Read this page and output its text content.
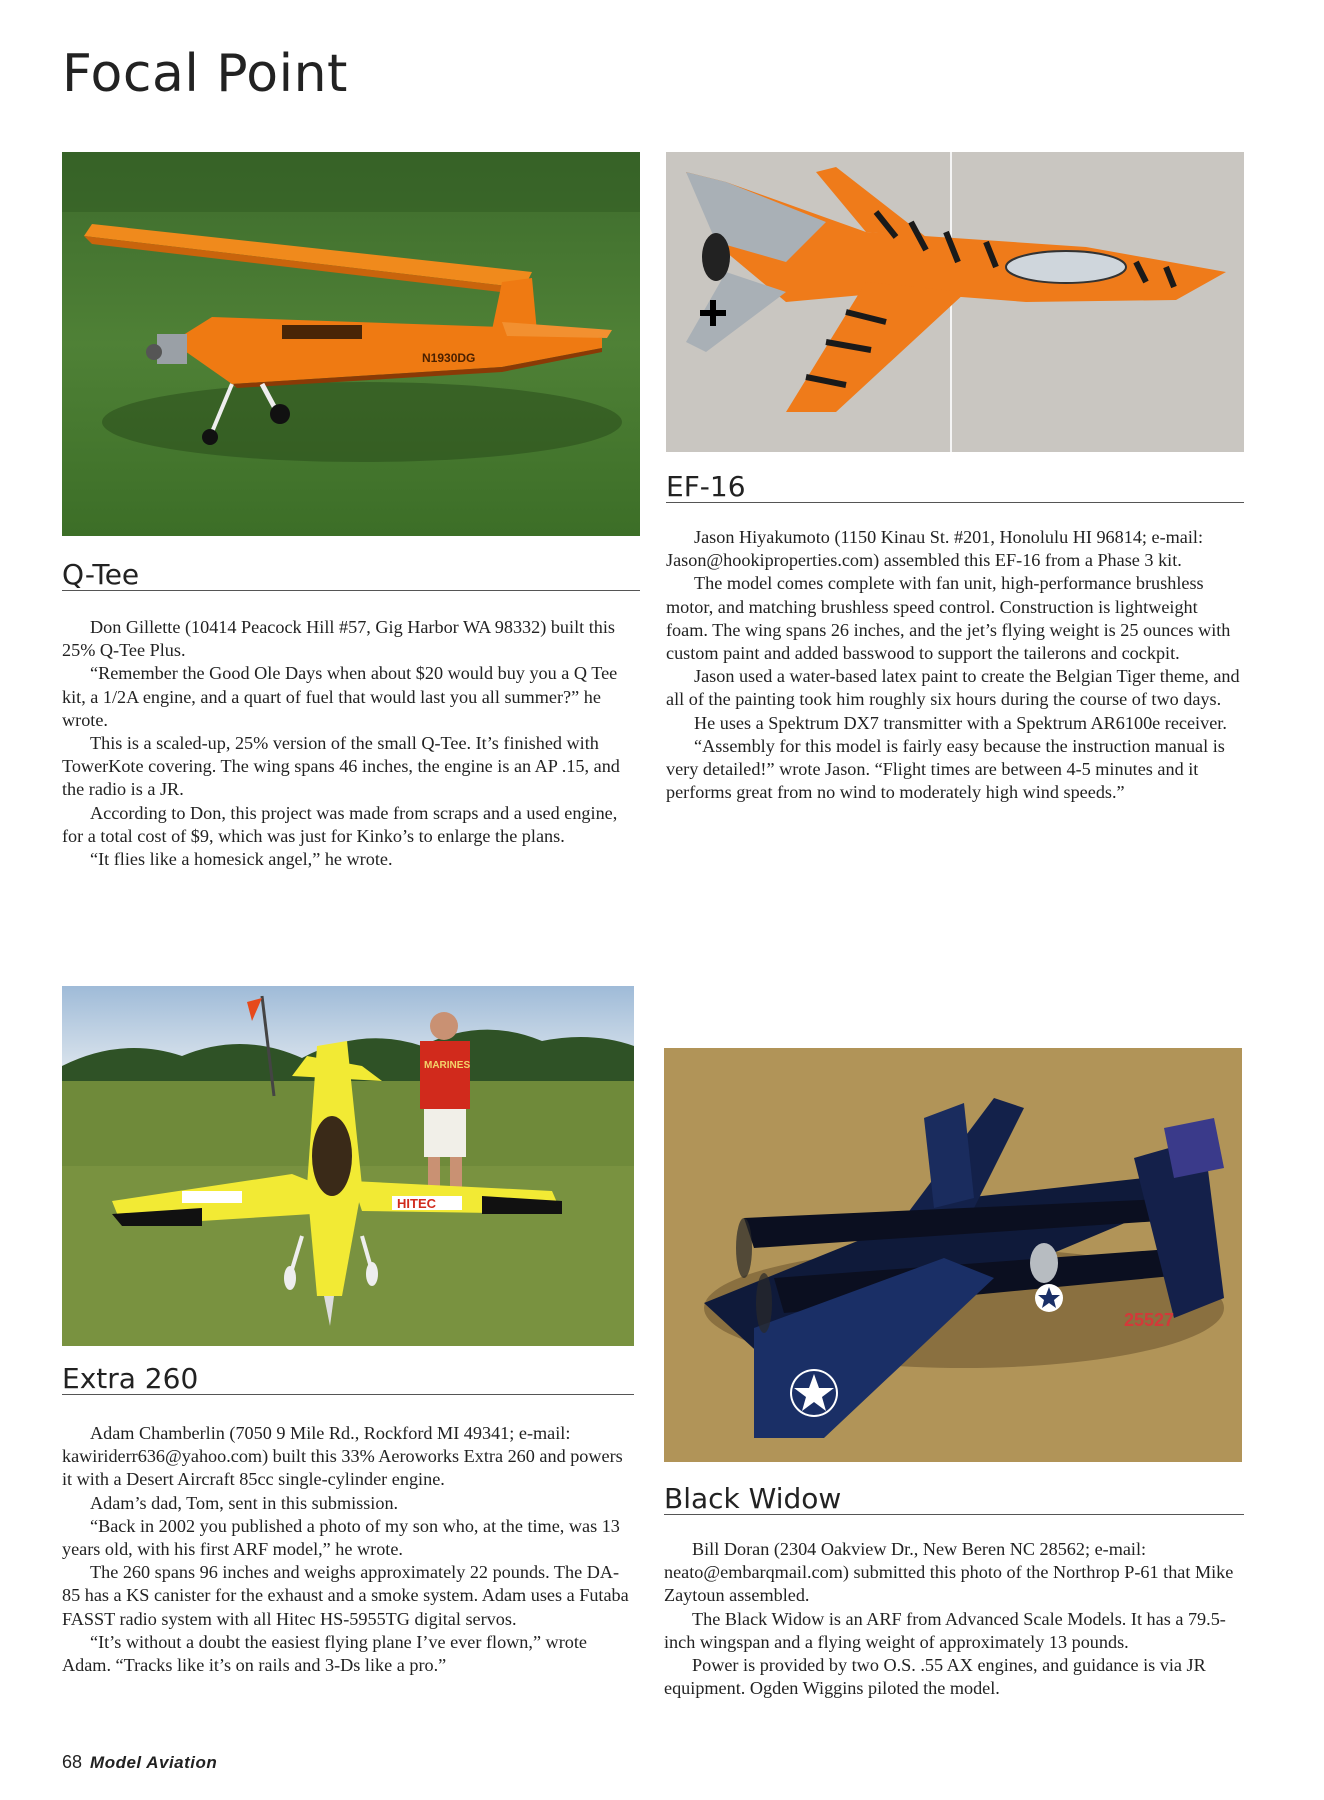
Focal Point
N1930DG
EF-16

Jason Hiyakumoto (1150 Kinau St. #201, Honolulu HI 96814; e-mail: Jason@hookiproperties.com) assembled this EF-16 from a Phase 3 kit.

The model comes complete with fan unit, high-performance brushless motor, and matching brushless speed control. Construction is lightweight foam. The wing spans 26 inches, and the jet’s flying weight is 25 ounces with custom paint and added basswood to support the tailerons and cockpit.

Jason used a water-based latex paint to create the Belgian Tiger theme, and all of the painting took him roughly six hours during the course of two days.

He uses a Spektrum DX7 transmitter with a Spektrum AR6100e receiver.

“Assembly for this model is fairly easy because the instruction manual is very detailed!” wrote Jason. “Flight times are between 4-5 minutes and it performs great from no wind to moderately high wind speeds.”

Q-Tee

Don Gillette (10414 Peacock Hill #57, Gig Harbor WA 98332) built this 25% Q-Tee Plus.

“Remember the Good Ole Days when about $20 would buy you a Q Tee kit, a 1/2A engine, and a quart of fuel that would last you all summer?” he wrote.

This is a scaled-up, 25% version of the small Q-Tee. It’s finished with TowerKote covering. The wing spans 46 inches, the engine is an AP .15, and the radio is a JR.

According to Don, this project was made from scraps and a used engine, for a total cost of $9, which was just for Kinko’s to enlarge the plans.

“It flies like a homesick angel,” he wrote.

MARINES
HITEC
25527
Extra 260

Adam Chamberlin (7050 9 Mile Rd., Rockford MI 49341; e-mail: kawiriderr636@yahoo.com) built this 33% Aeroworks Extra 260 and powers it with a Desert Aircraft 85cc single-cylinder engine.

Adam’s dad, Tom, sent in this submission.

“Back in 2002 you published a photo of my son who, at the time, was 13 years old, with his first ARF model,” he wrote.

The 260 spans 96 inches and weighs approximately 22 pounds. The DA-85 has a KS canister for the exhaust and a smoke system. Adam uses a Futaba FASST radio system with all Hitec HS-5955TG digital servos.

“It’s without a doubt the easiest flying plane I’ve ever flown,” wrote Adam. “Tracks like it’s on rails and 3-Ds like a pro.”

Black Widow

Bill Doran (2304 Oakview Dr., New Beren NC 28562; e-mail: neato@embarqmail.com) submitted this photo of the Northrop P-61 that Mike Zaytoun assembled.

The Black Widow is an ARF from Advanced Scale Models. It has a 79.5-inch wingspan and a flying weight of approximately 13 pounds.

Power is provided by two O.S. .55 AX engines, and guidance is via JR equipment. Ogden Wiggins piloted the model.

68 Model Aviation
